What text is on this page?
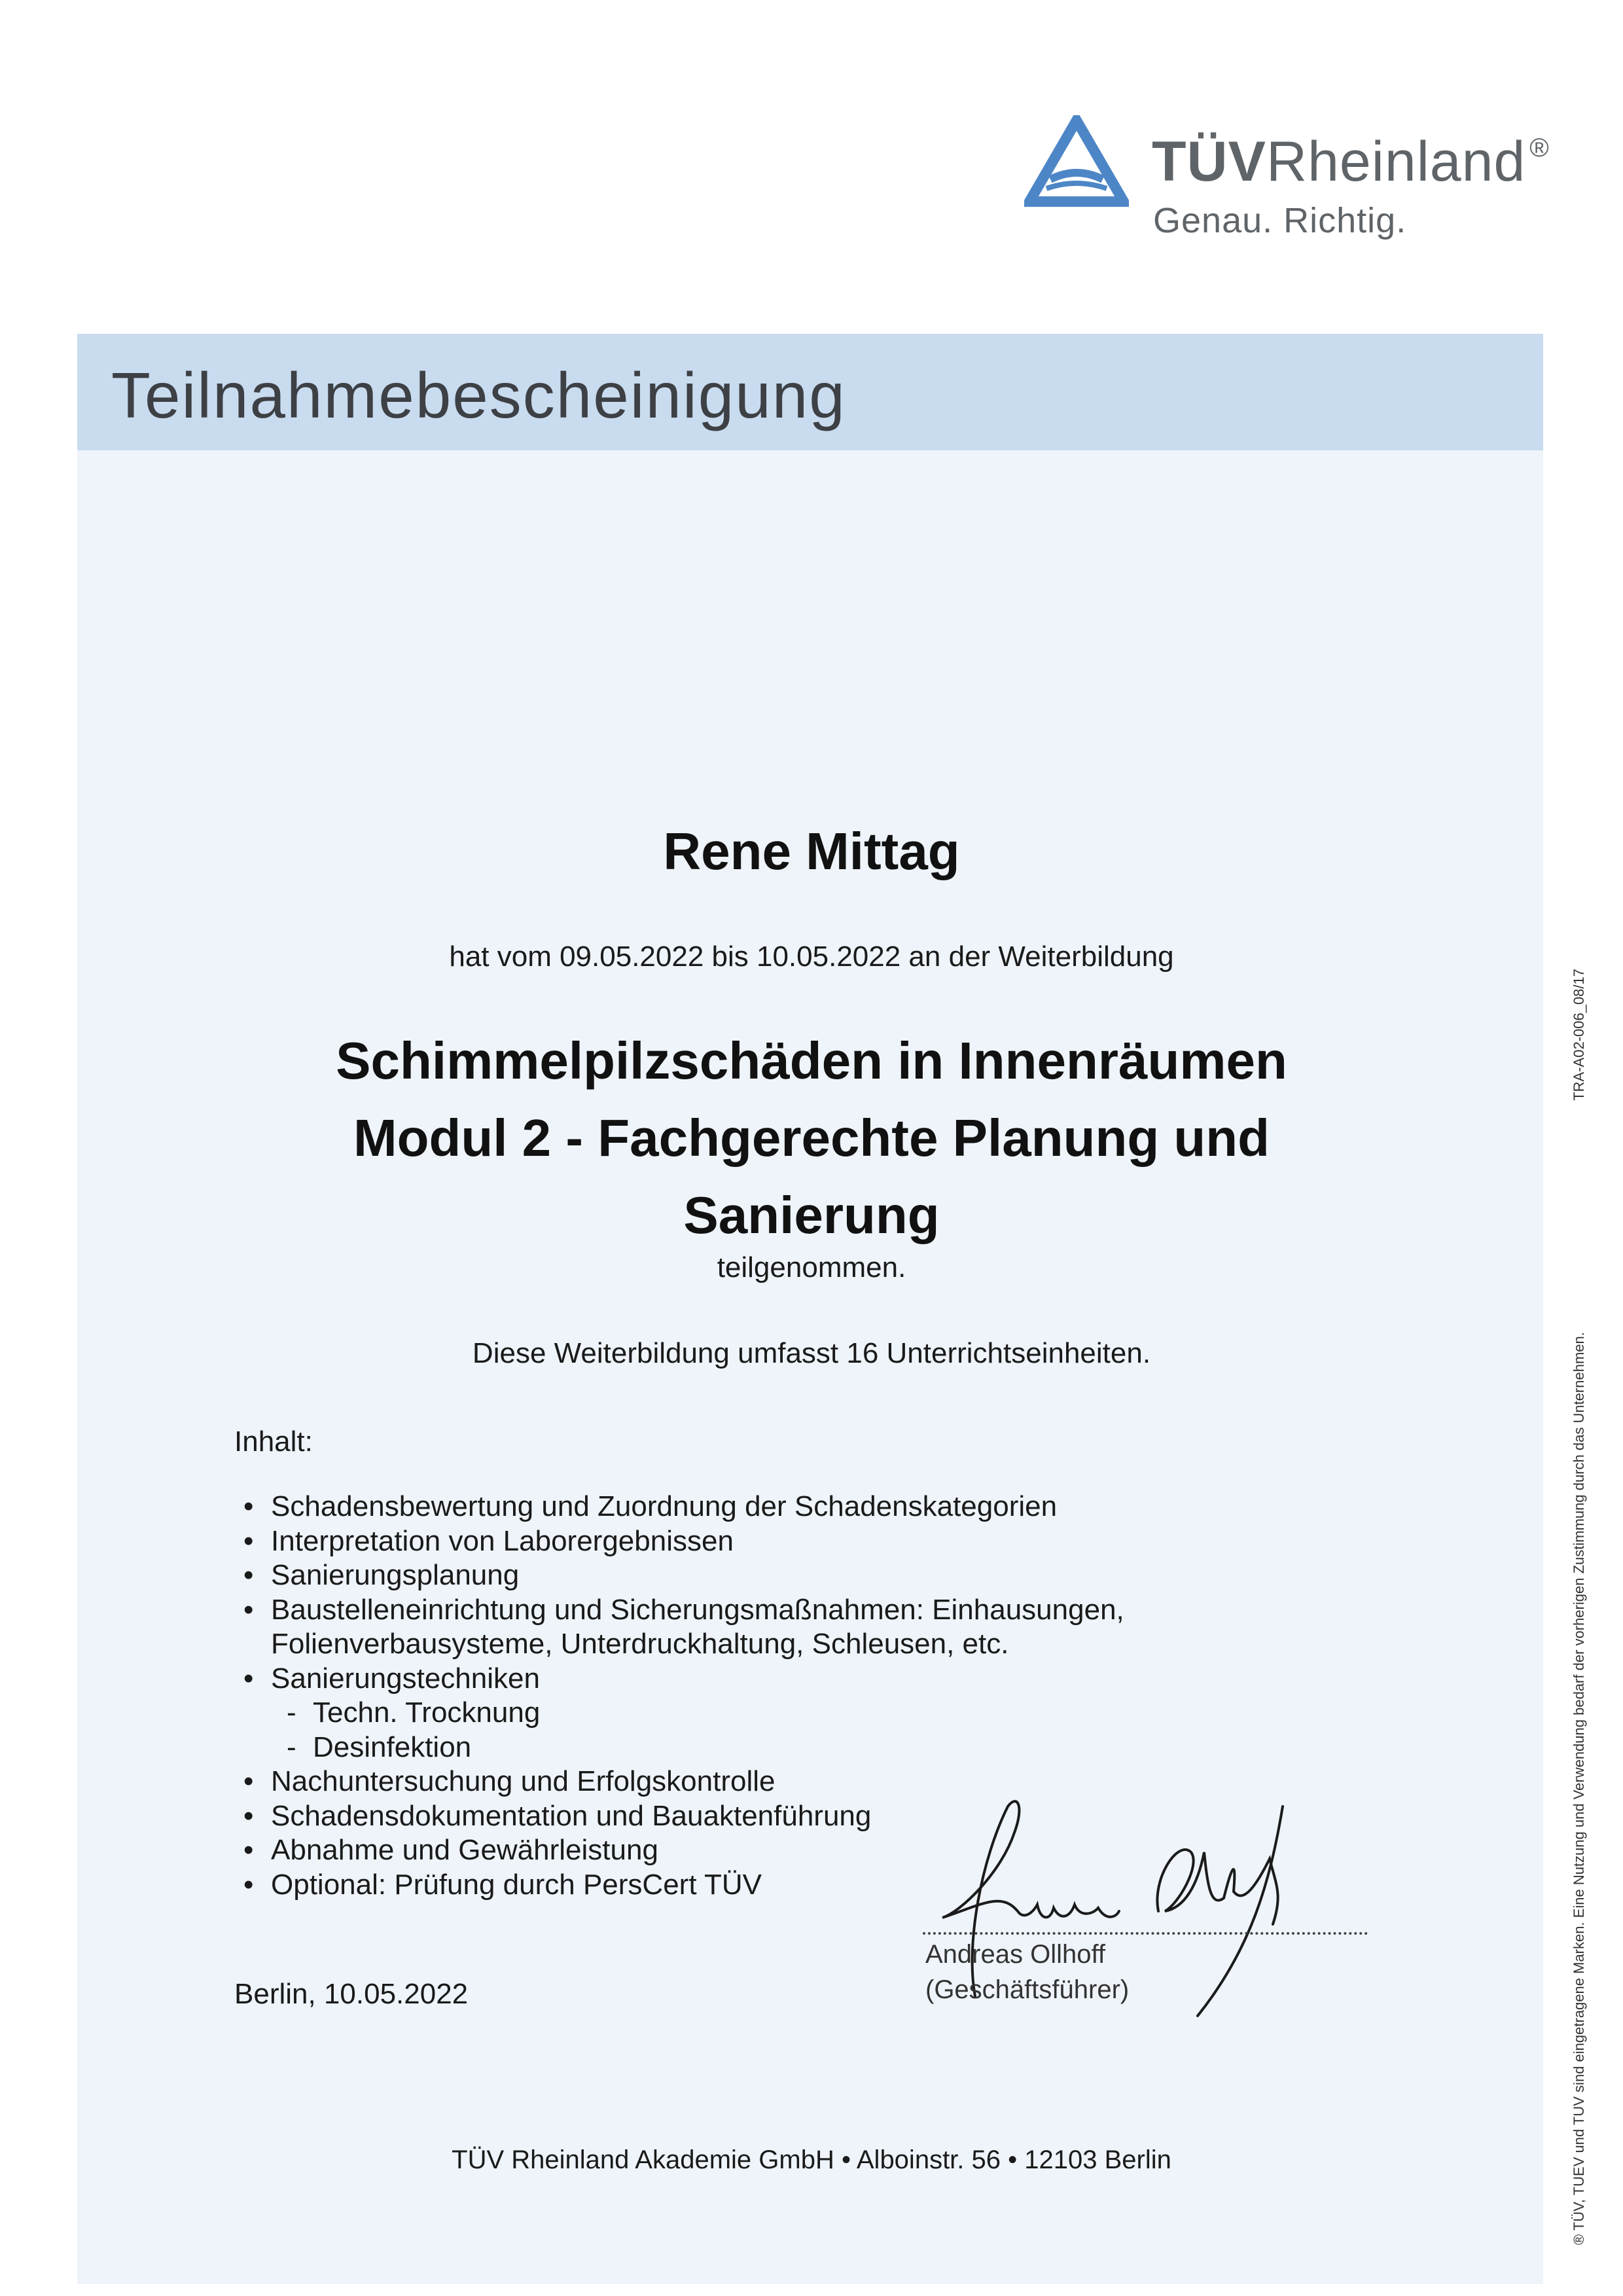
TÜVRheinland ®
Genau. Richtig.
Teilnahmebescheinigung
Rene Mittag
hat vom 09.05.2022 bis 10.05.2022 an der Weiterbildung
Schimmelpilzschäden in Innenräumen
Modul 2 - Fachgerechte Planung und
Sanierung
teilgenommen.
Diese Weiterbildung umfasst 16 Unterrichtseinheiten.
Inhalt:
• Schadensbewertung und Zuordnung der Schadenskategorien
• Interpretation von Laborergebnissen
• Sanierungsplanung
• Baustelleneinrichtung und Sicherungsmaßnahmen: Einhausungen,
Folienverbausysteme, Unterdruckhaltung, Schleusen, etc.
• Sanierungstechniken
- Techn. Trocknung
- Desinfektion
• Nachuntersuchung und Erfolgskontrolle
• Schadensdokumentation und Bauaktenführung
• Abnahme und Gewährleistung
• Optional: Prüfung durch PersCert TÜV
Berlin, 10.05.2022
Andreas Ollhoff
(Geschäftsführer)
TÜV Rheinland Akademie GmbH • Alboinstr. 56 • 12103 Berlin	® TÜV, TUEV und TUV sind eingetragene Marken. Eine Nutzung und Verwendung bedarf der vorherigen Zustimmung durch das Unternehmen.
TRA-A02-006_08/17
